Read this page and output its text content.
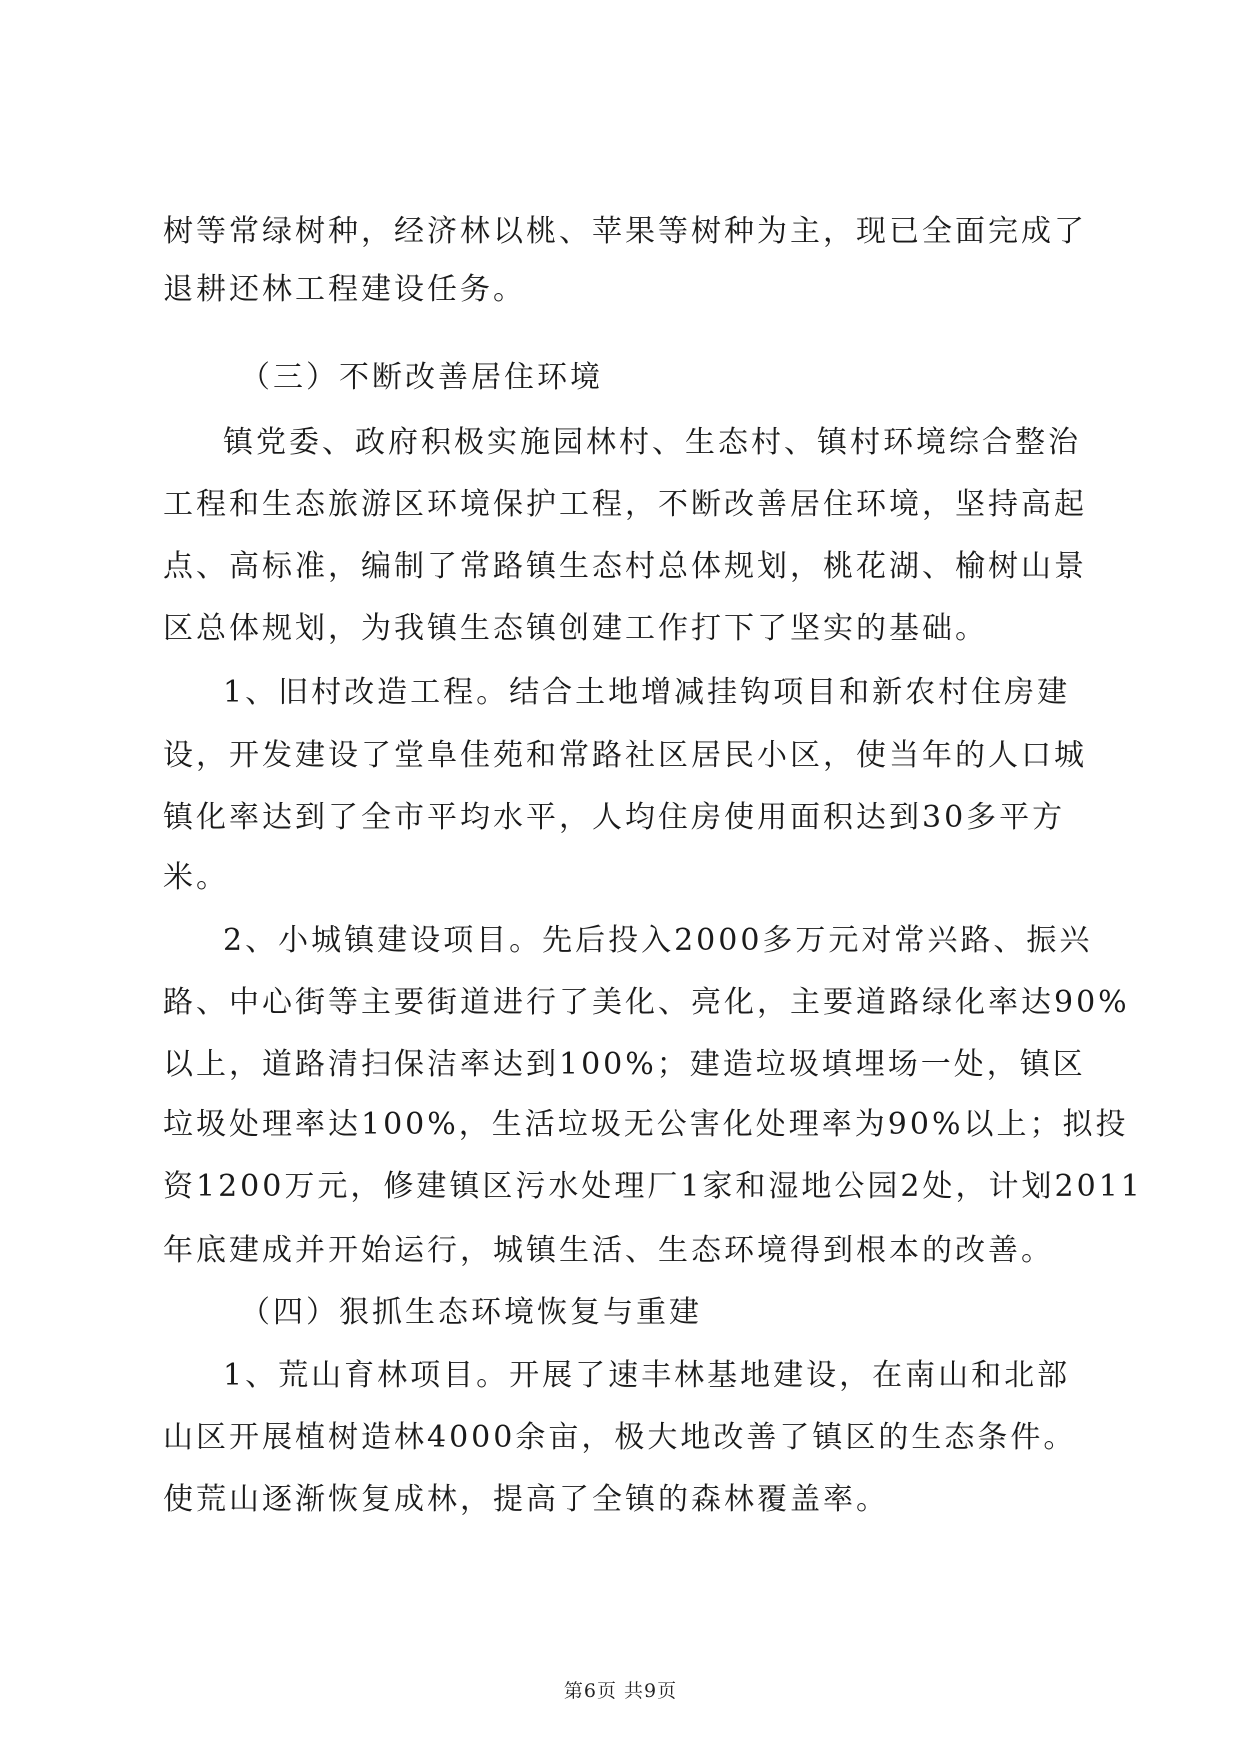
树等常绿树种，经济林以桃、苹果等树种为主，现已全面完成了
退耕还林工程建设任务。
（三）不断改善居住环境
镇党委、政府积极实施园林村、生态村、镇村环境综合整治
工程和生态旅游区环境保护工程，不断改善居住环境，坚持高起
点、高标准，编制了常路镇生态村总体规划，桃花湖、榆树山景
区总体规划，为我镇生态镇创建工作打下了坚实的基础。
1、旧村改造工程。结合土地增减挂钩项目和新农村住房建
设，开发建设了堂阜佳苑和常路社区居民小区，使当年的人口城
镇化率达到了全市平均水平，人均住房使用面积达到30多平方
米。
2、小城镇建设项目。先后投入2000多万元对常兴路、振兴
路、中心街等主要街道进行了美化、亮化，主要道路绿化率达90%
以上，道路清扫保洁率达到100%；建造垃圾填埋场一处，镇区
垃圾处理率达100%，生活垃圾无公害化处理率为90%以上；拟投
资1200万元，修建镇区污水处理厂1家和湿地公园2处，计划2011
年底建成并开始运行，城镇生活、生态环境得到根本的改善。
（四）狠抓生态环境恢复与重建
1、荒山育林项目。开展了速丰林基地建设，在南山和北部
山区开展植树造林4000余亩，极大地改善了镇区的生态条件。
使荒山逐渐恢复成林，提高了全镇的森林覆盖率。
第6页 共9页
